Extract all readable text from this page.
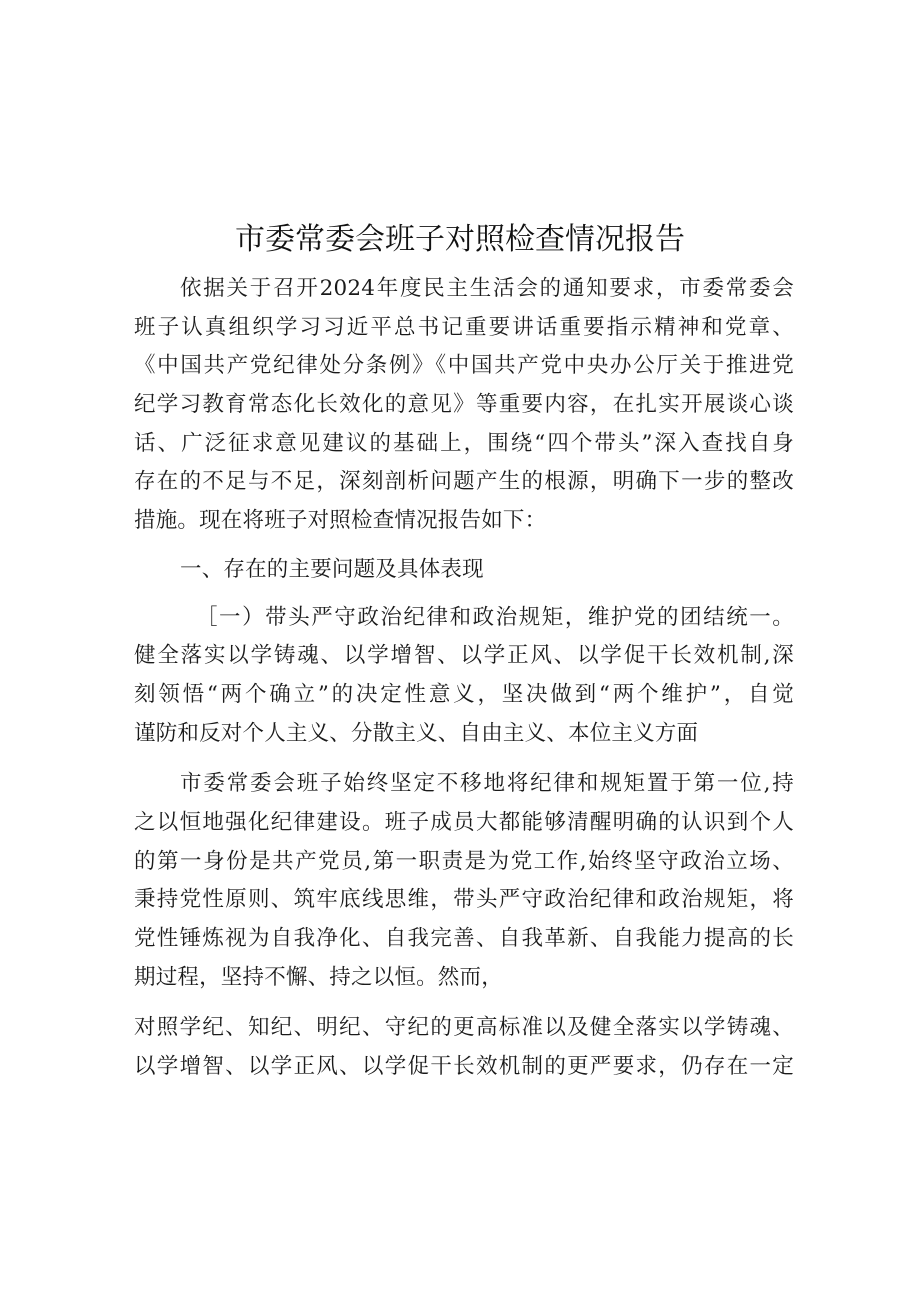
市委常委会班子对照检查情况报告
依据关于召开2024年度民主生活会的通知要求，市委常委会
班子认真组织学习习近平总书记重要讲话重要指示精神和党章、
《中国共产党纪律处分条例》《中国共产党中央办公厅关于推进党
纪学习教育常态化长效化的意见》等重要内容，在扎实开展谈心谈
话、广泛征求意见建议的基础上，围绕“四个带头”深入查找自身
存在的不足与不足，深刻剖析问题产生的根源，明确下一步的整改
措施。现在将班子对照检查情况报告如下：
一、存在的主要问题及具体表现
［一）带头严守政治纪律和政治规矩，维护党的团结统一。
健全落实以学铸魂、以学增智、以学正风、以学促干长效机制,深
刻领悟“两个确立”的决定性意义，坚决做到“两个维护”，自觉
谨防和反对个人主义、分散主义、自由主义、本位主义方面
市委常委会班子始终坚定不移地将纪律和规矩置于第一位,持
之以恒地强化纪律建设。班子成员大都能够清醒明确的认识到个人
的第一身份是共产党员,第一职责是为党工作,始终坚守政治立场、
秉持党性原则、筑牢底线思维，带头严守政治纪律和政治规矩，将
党性锤炼视为自我净化、自我完善、自我革新、自我能力提高的长
期过程，坚持不懈、持之以恒。然而，
对照学纪、知纪、明纪、守纪的更高标准以及健全落实以学铸魂、
以学增智、以学正风、以学促干长效机制的更严要求，仍存在一定
